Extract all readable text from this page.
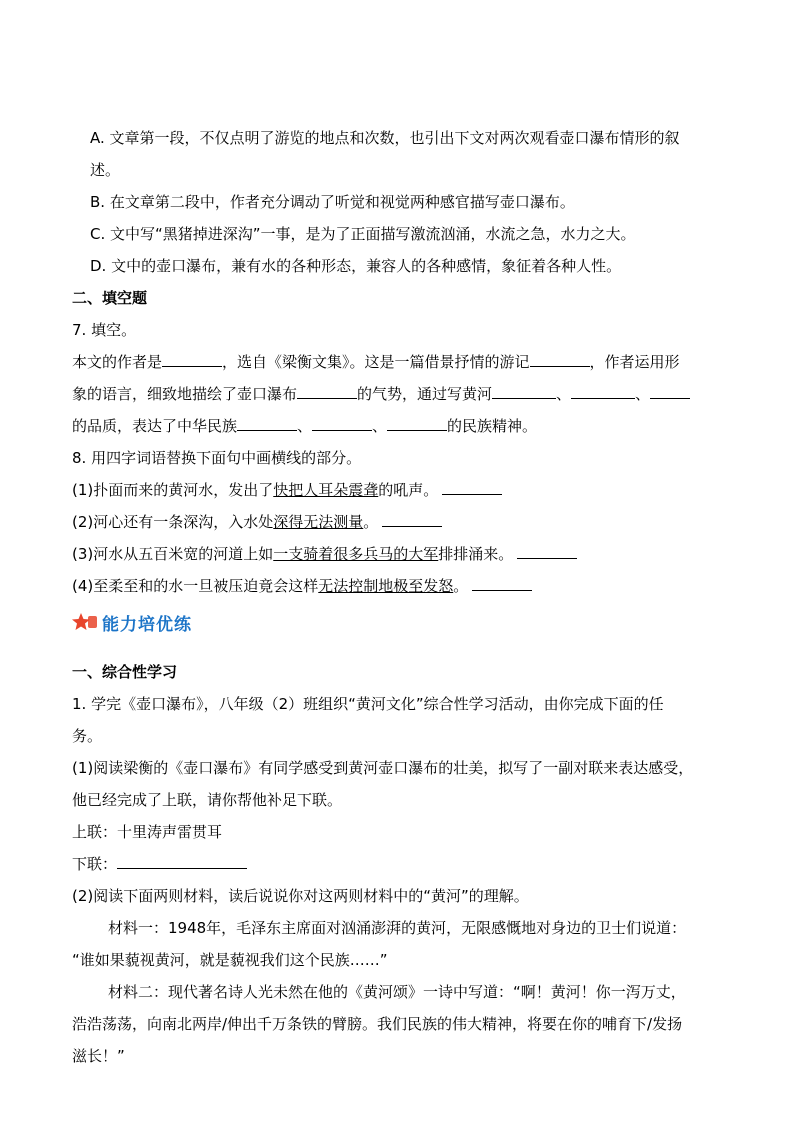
A. 文章第一段，不仅点明了游览的地点和次数，也引出下文对两次观看壶口瀑布情形的叙
述。
B. 在文章第二段中，作者充分调动了听觉和视觉两种感官描写壶口瀑布。
C. 文中写“黑猪掉进深沟”一事，是为了正面描写激流汹涌，水流之急，水力之大。
D. 文中的壶口瀑布，兼有水的各种形态，兼容人的各种感情，象征着各种人性。
二、填空题
7. 填空。
本文的作者是	，选自《梁衡文集》。这是一篇借景抒情的游记	，作者运用形
象的语言，细致地描绘了壶口瀑布	的气势，通过写黄河	、	、
的品质，表达了中华民族	、	、	的民族精神。
8. 用四字词语替换下面句中画横线的部分。
(1)扑面而来的黄河水，发出了快把人耳朵震聋的吼声。
(2)河心还有一条深沟，入水处深得无法测量。
(3)河水从五百米宽的河道上如一支骑着很多兵马的大军排排涌来。
(4)至柔至和的水一旦被压迫竟会这样无法控制地极至发怒。
能力培优练
一、综合性学习
1. 学完《壶口瀑布》，八年级（2）班组织“黄河文化”综合性学习活动，由你完成下面的任
务。
(1)阅读梁衡的《壶口瀑布》有同学感受到黄河壶口瀑布的壮美，拟写了一副对联来表达感受，
他已经完成了上联，请你帮他补足下联。
上联：十里涛声雷贯耳
下联：
(2)阅读下面两则材料，读后说说你对这两则材料中的“黄河”的理解。
材料一：1948年，毛泽东主席面对汹涌澎湃的黄河，无限感慨地对身边的卫士们说道：
“谁如果藐视黄河，就是藐视我们这个民族……”
材料二：现代著名诗人光未然在他的《黄河颂》一诗中写道：“啊！黄河！你一泻万丈，
浩浩荡荡，向南北两岸/伸出千万条铁的臂膀。我们民族的伟大精神，将要在你的哺育下/发扬
滋长！”
